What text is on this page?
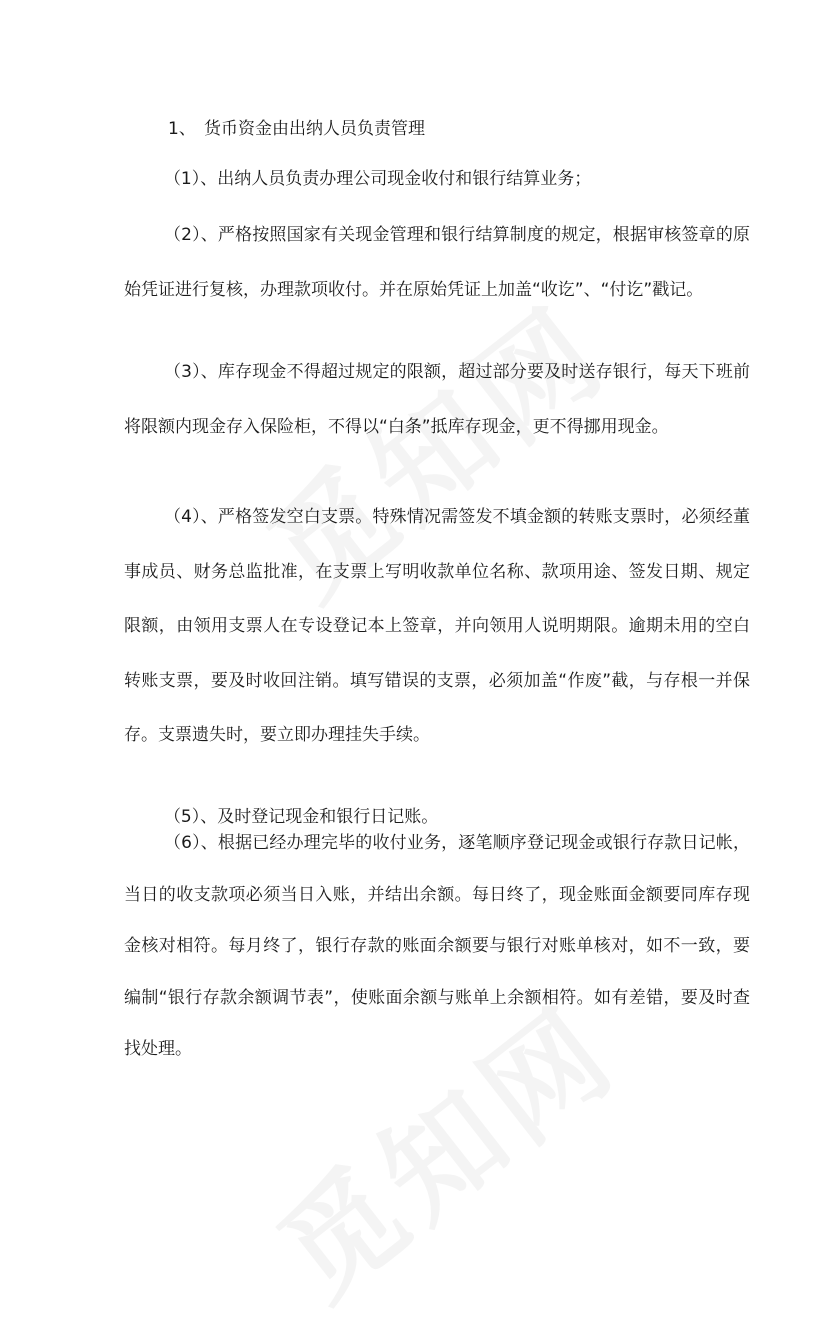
1、 货币资金由出纳人员负责管理

（1）、出纳人员负责办理公司现金收付和银行结算业务；

（2）、严格按照国家有关现金管理和银行结算制度的规定，根据审核签章的原始凭证进行复核，办理款项收付。并在原始凭证上加盖“收讫”、“付讫”戳记。

（3）、库存现金不得超过规定的限额，超过部分要及时送存银行，每天下班前将限额内现金存入保险柜，不得以“白条”抵库存现金，更不得挪用现金。

（4）、严格签发空白支票。特殊情况需签发不填金额的转账支票时，必须经董事成员、财务总监批准，在支票上写明收款单位名称、款项用途、签发日期、规定限额，由领用支票人在专设登记本上签章，并向领用人说明期限。逾期未用的空白转账支票，要及时收回注销。填写错误的支票，必须加盖“作废”截，与存根一并保存。支票遗失时，要立即办理挂失手续。

（5）、及时登记现金和银行日记账。

（6）、根据已经办理完毕的收付业务，逐笔顺序登记现金或银行存款日记帐， 当日的收支款项必须当日入账，并结出余额。每日终了，现金账面金额要同库存现金核对相符。每月终了，银行存款的账面余额要与银行对账单核对，如不一致，要编制“银行存款余额调节表”，使账面余额与账单上余额相符。如有差错，要及时查找处理。
